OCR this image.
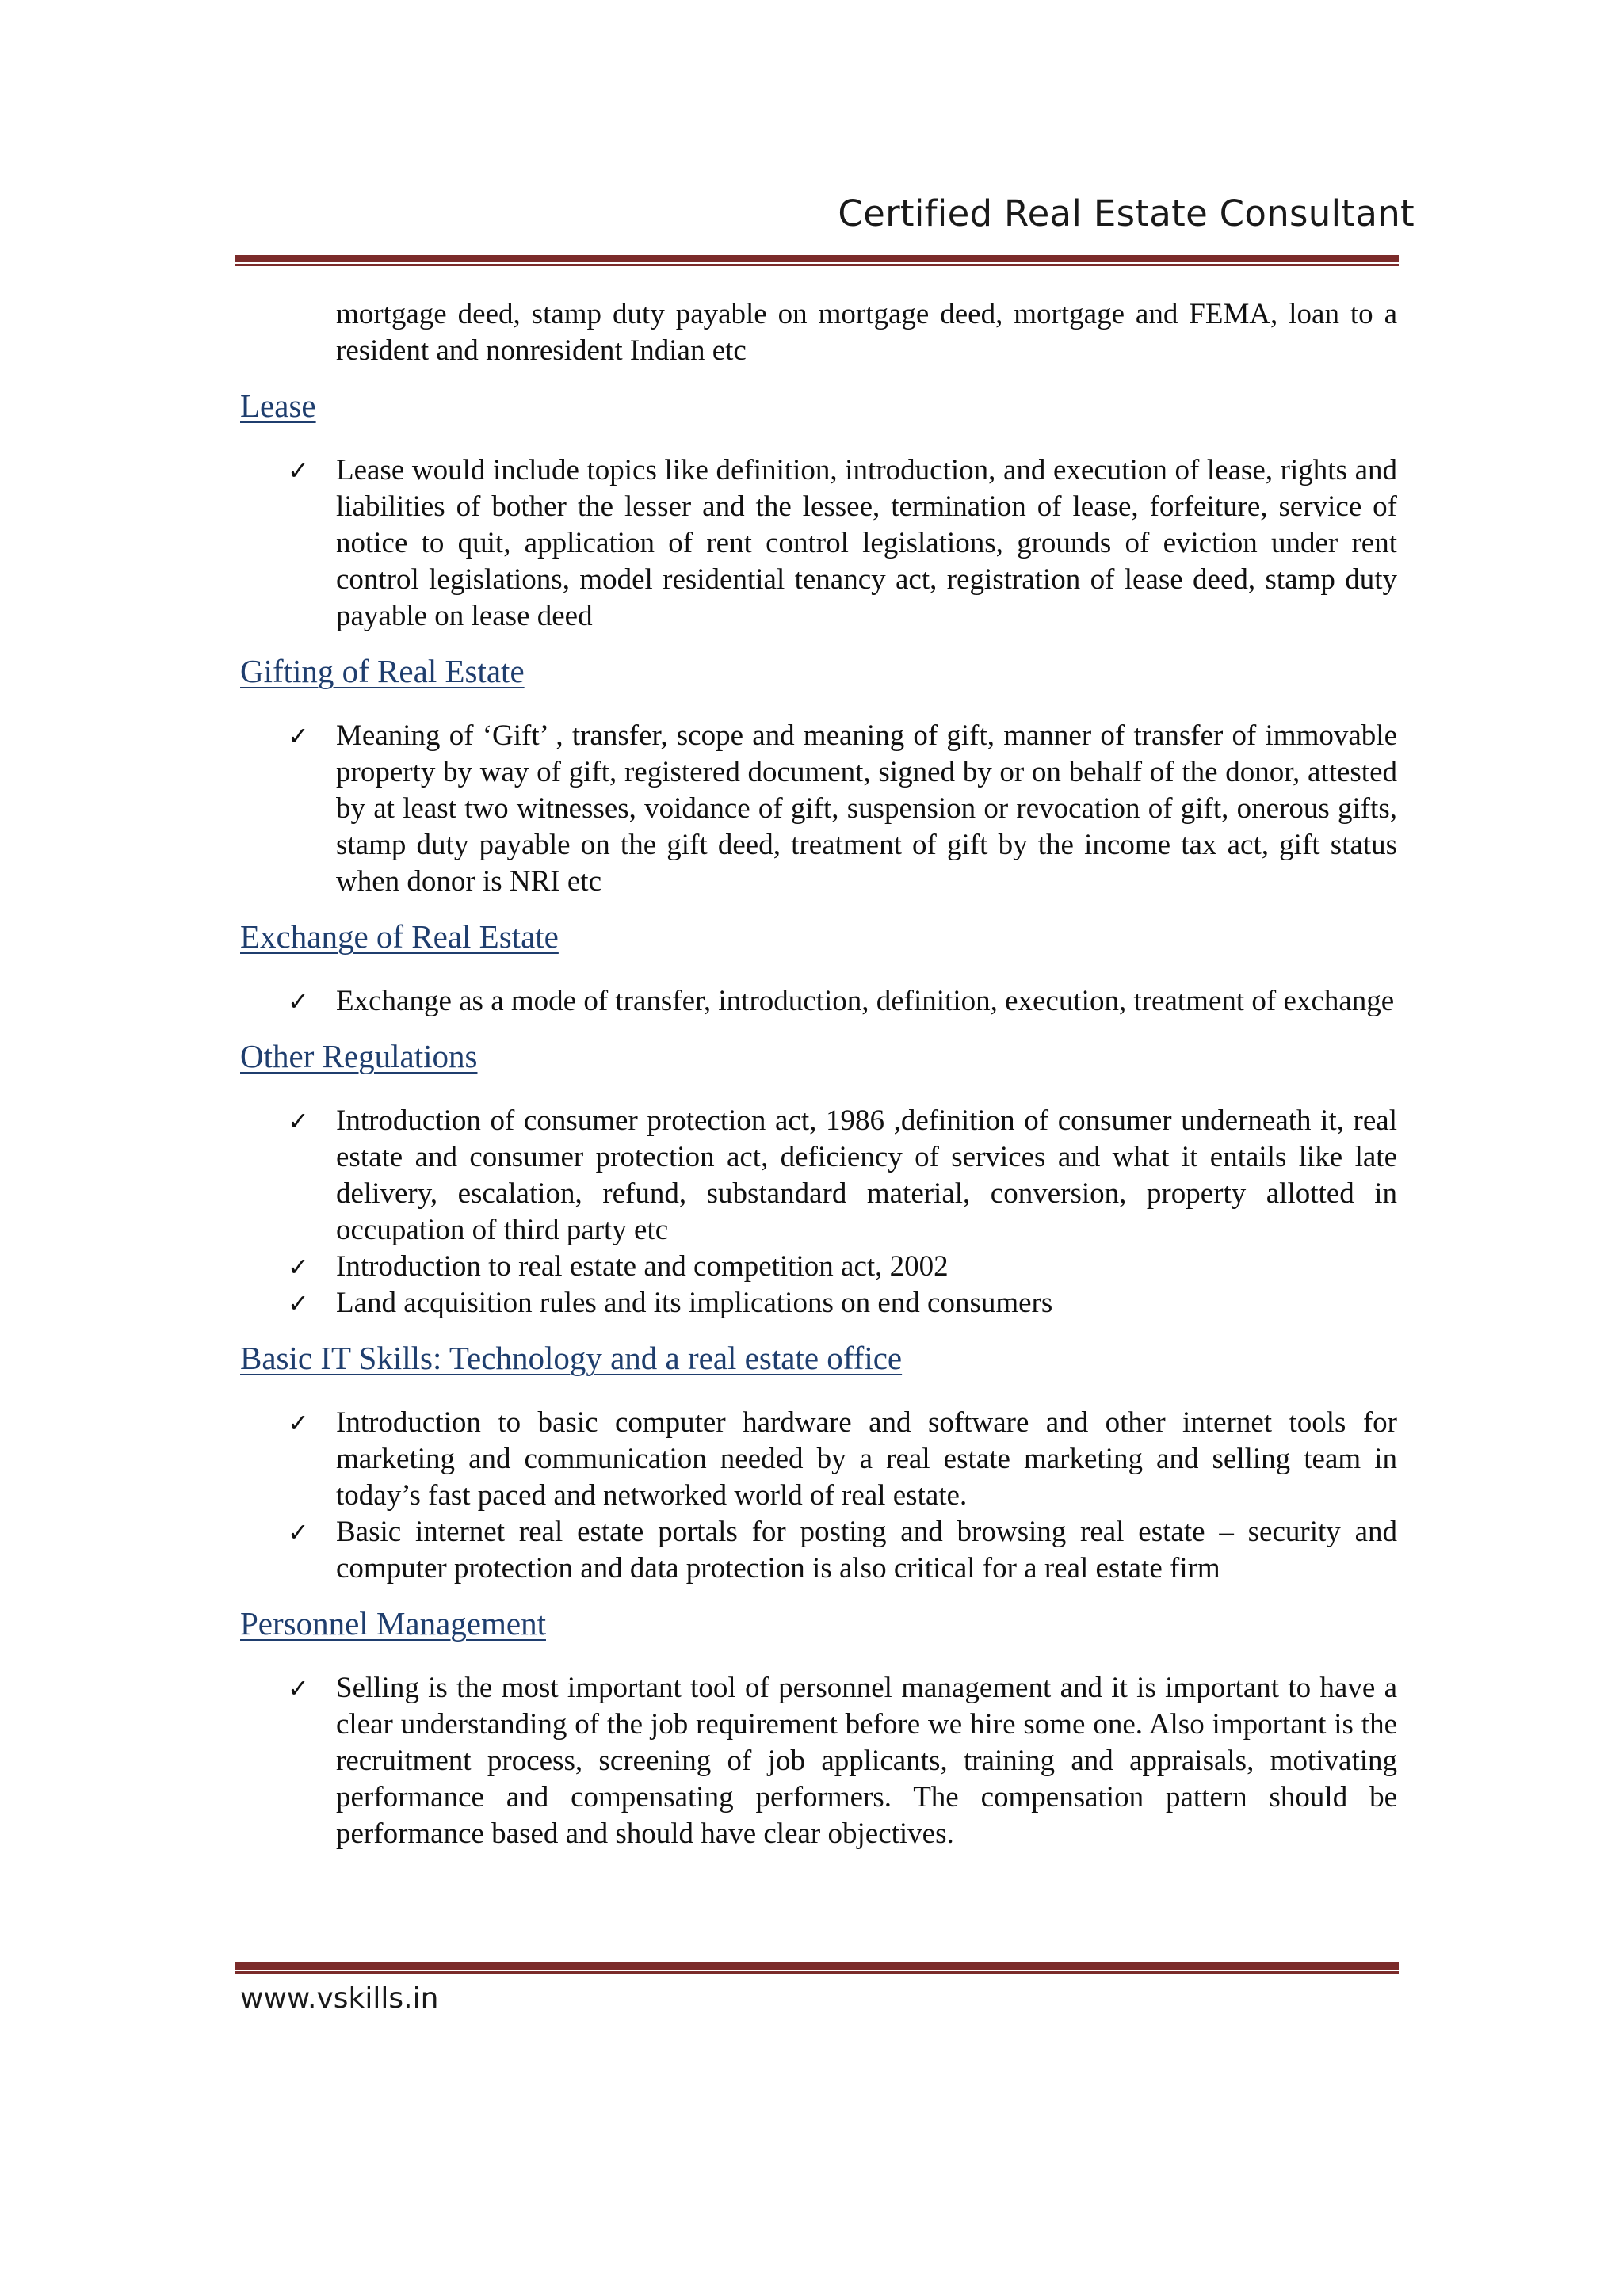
Certified Real Estate Consultant

mortgage deed, stamp duty payable on mortgage deed, mortgage and FEMA, loan to a resident and nonresident Indian etc

Lease
✓ Lease would include topics like definition, introduction, and execution of lease, rights and liabilities of bother the lesser and the lessee, termination of lease, forfeiture, service of notice to quit, application of rent control legislations, grounds of eviction under rent control legislations, model residential tenancy act, registration of lease deed, stamp duty payable on lease deed
Gifting of Real Estate
✓ Meaning of ‘Gift’ , transfer, scope and meaning of gift, manner of transfer of immovable property by way of gift, registered document, signed by or on behalf of the donor, attested by at least two witnesses, voidance of gift, suspension or revocation of gift, onerous gifts, stamp duty payable on the gift deed, treatment of gift by the income tax act, gift status when donor is NRI etc
Exchange of Real Estate
✓ Exchange as a mode of transfer, introduction, definition, execution, treatment of exchange
Other Regulations
✓ Introduction of consumer protection act, 1986 ,definition of consumer underneath it, real estate and consumer protection act, deficiency of services and what it entails like late delivery, escalation, refund, substandard material, conversion, property allotted in occupation of third party etc
✓ Introduction to real estate and competition act, 2002
✓ Land acquisition rules and its implications on end consumers
Basic IT Skills: Technology and a real estate office
✓ Introduction to basic computer hardware and software and other internet tools for marketing and communication needed by a real estate marketing and selling team in today’s fast paced and networked world of real estate.
✓ Basic internet real estate portals for posting and browsing real estate – security and computer protection and data protection is also critical for a real estate firm
Personnel Management
✓ Selling is the most important tool of personnel management and it is important to have a clear understanding of the job requirement before we hire some one. Also important is the recruitment process, screening of job applicants, training and appraisals, motivating performance and compensating performers. The compensation pattern should be performance based and should have clear objectives.
www.vskills.in
